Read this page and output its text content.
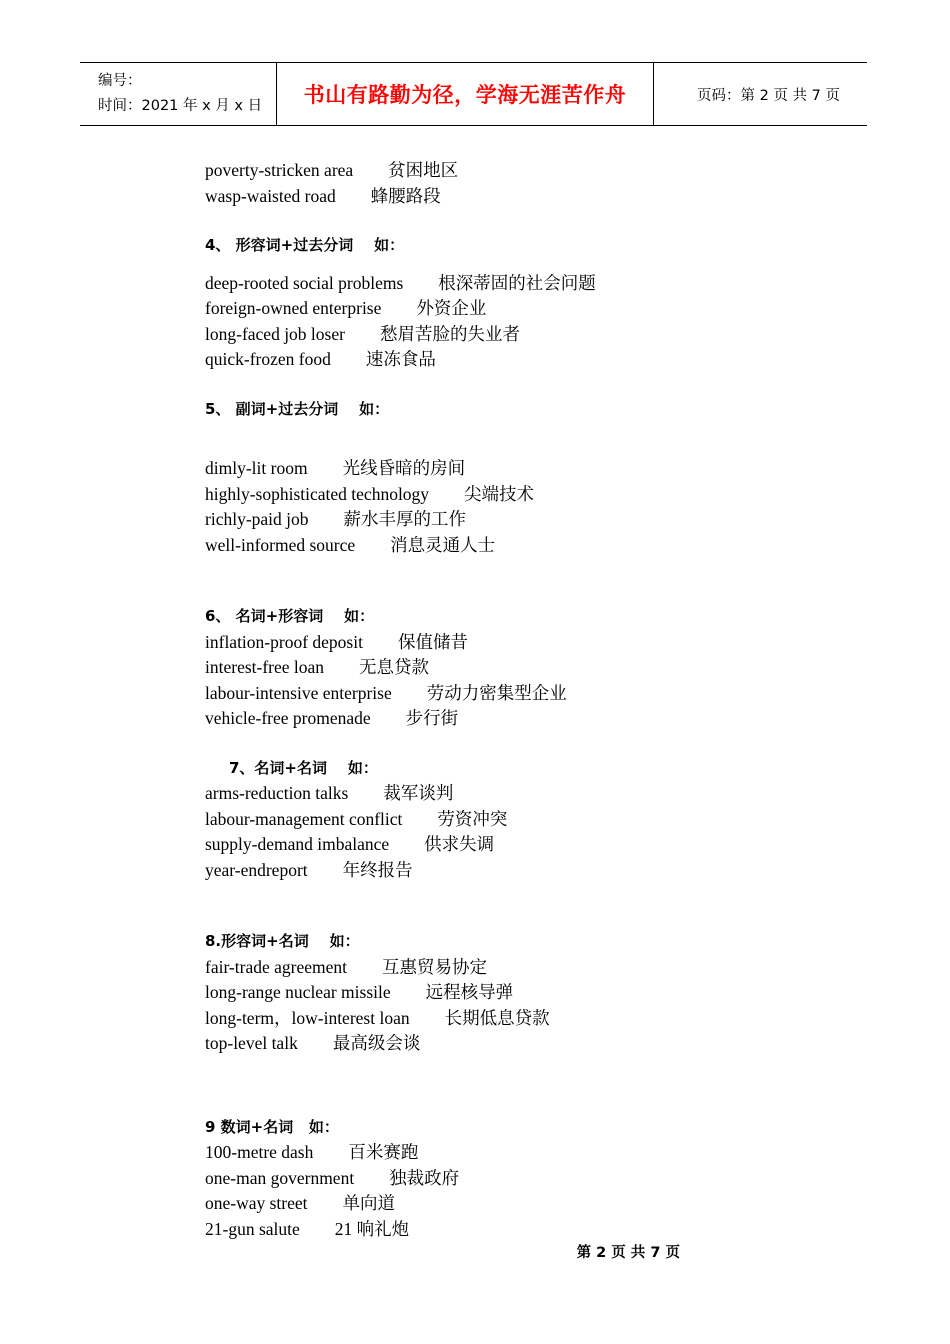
编号：
时间：2021 年 x 月 x 日	书山有路勤为径，学海无涯苦作舟	页码：第 2 页 共 7 页
poverty-stricken area        贫困地区
wasp-waisted road        蜂腰路段
4、 形容词+过去分词    如：
deep-rooted social problems        根深蒂固的社会问题
foreign-owned enterprise        外资企业
long-faced job loser        愁眉苦脸的失业者
quick-frozen food        速冻食品
5、 副词+过去分词    如：
dimly-lit room        光线昏暗的房间
highly-sophisticated technology        尖端技术
richly-paid job        薪水丰厚的工作
well-informed source        消息灵通人士
6、 名词+形容词    如：
inflation-proof deposit        保值储昔
interest-free loan        无息贷款
labour-intensive enterprise        劳动力密集型企业
vehicle-free promenade        步行街
7、名词+名词    如：
arms-reduction talks        裁军谈判
labour-management conflict        劳资冲突
supply-demand imbalance        供求失调
year-endreport        年终报告
8.形容词+名词    如：
fair-trade agreement        互惠贸易协定
long-range nuclear missile        远程核导弹
long-term，low-interest loan        长期低息贷款
top-level talk        最高级会谈
9 数词+名词   如：
100-metre dash        百米赛跑
one-man government        独裁政府
one-way street        单向道
21-gun salute        21 响礼炮
第 2 页 共 7 页
